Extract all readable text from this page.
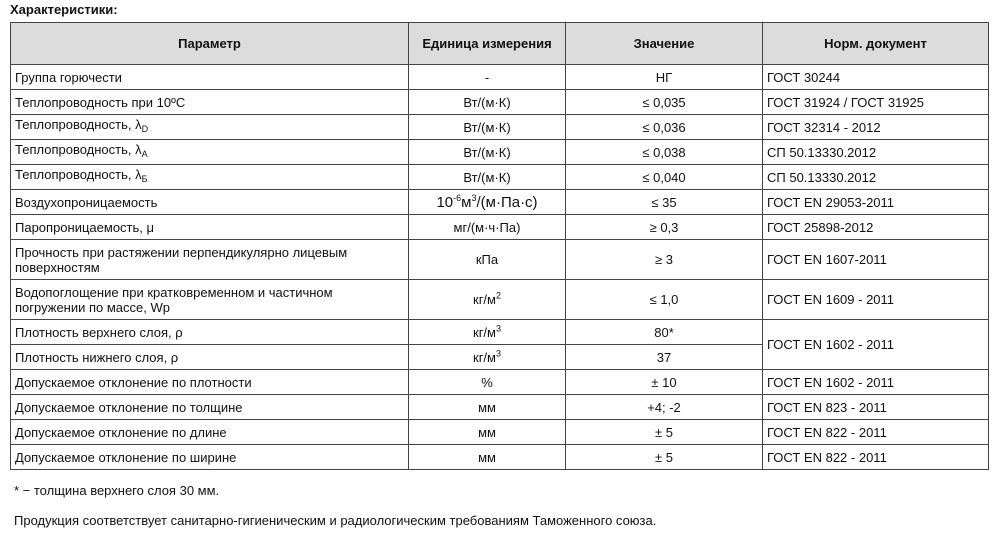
Характеристики:
Параметр	Единица измерения	Значение	Норм. документ
Группа горючести	-	НГ	ГОСТ 30244
Теплопроводность при 10ºС	Вт/(м·К)	≤ 0,035	ГОСТ 31924 / ГОСТ 31925
Теплопроводность, $\lambda_D$	Вт/(м·К)	≤ 0,036	ГОСТ 32314 - 2012
Теплопроводность, $\lambda_A$	Вт/(м·К)	≤ 0,038	СП 50.13330.2012
Теплопроводность, $\lambda_Б$	Вт/(м·К)	≤ 0,040	СП 50.13330.2012
Воздухопроницаемость	$10^{-6}м^3/(м\cdot Па\cdot с)$	≤ 35	ГОСТ EN 29053-2011
Паропроницаемость, μ	мг/(м·ч·Па)	≥ 0,3	ГОСТ 25898-2012
Прочность при растяжении перпендикулярно лицевым поверхностям	кПа	≥ 3	ГОСТ EN 1607-2011
Водопоглощение при кратковременном и частичном погружении по массе, Wp	$кг/м^2$	≤ 1,0	ГОСТ EN 1609 - 2011
Плотность верхнего слоя, ρ	$кг/м^3$	80*	ГОСТ EN 1602 - 2011
Плотность нижнего слоя, ρ	$кг/м^3$	37	
Допускаемое отклонение по плотности	%	± 10	ГОСТ EN 1602 - 2011
Допускаемое отклонение по толщине	мм	+4; -2	ГОСТ EN 823 - 2011
Допускаемое отклонение по длине	мм	± 5	ГОСТ EN 822 - 2011
Допускаемое отклонение по ширине	мм	± 5	ГОСТ EN 822 - 2011
* − толщина верхнего слоя 30 мм.
Продукция соответствует санитарно-гигиеническим и радиологическим требованиям Таможенного союза.
